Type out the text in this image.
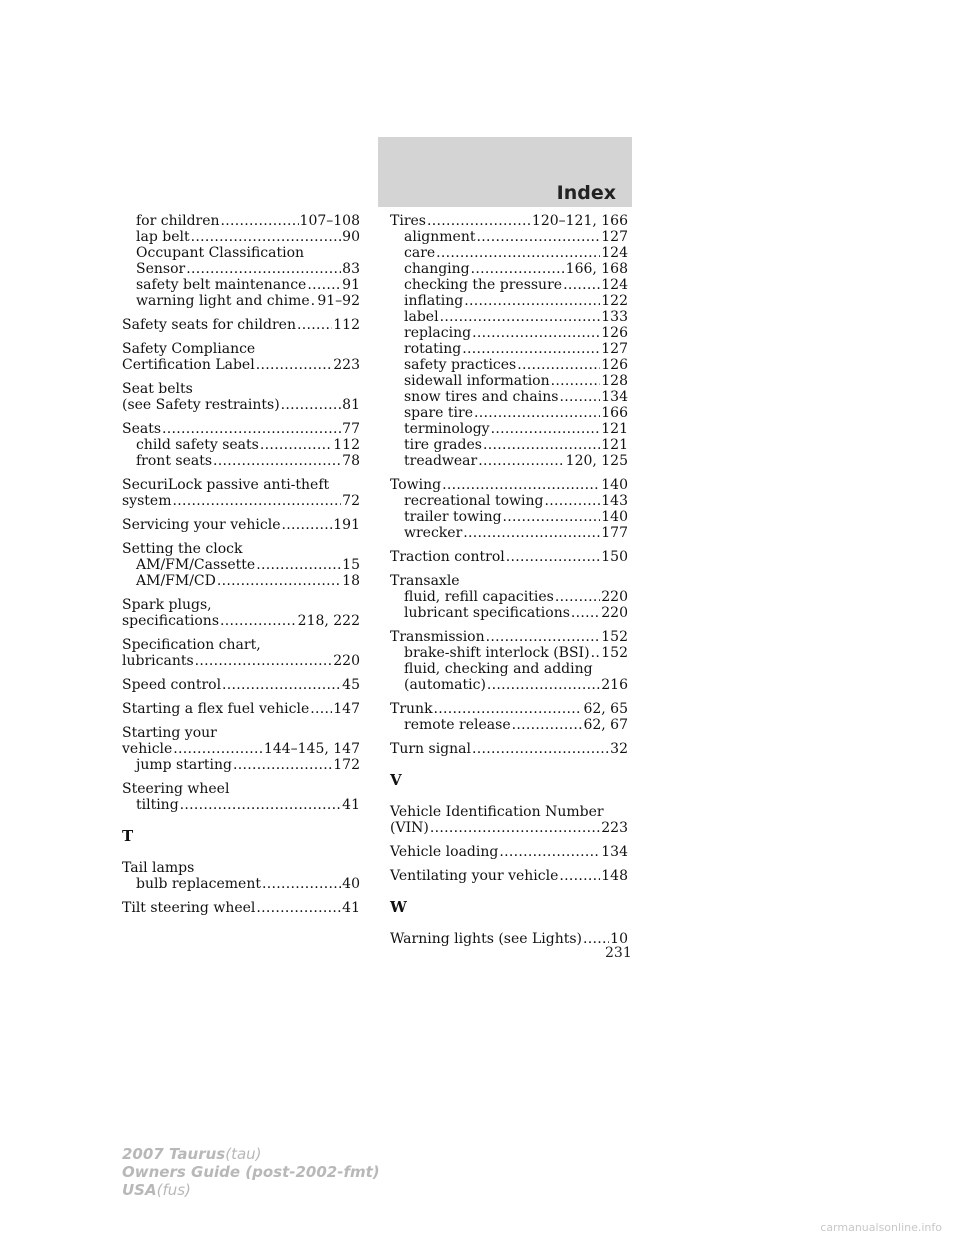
Index
for children .....	107–108
lap belt .....	90
Occupant Classification
Sensor .....	83
safety belt maintenance .....	91
warning light and chime ..... 91–92
Safety seats for children .....	112
Safety Compliance
Certification Label .....	223
Seat belts
(see Safety restraints) .....	81
Seats .....	77
child safety seats .....	112
front seats .....	78
SecuriLock passive anti-theft
system .....	72
Servicing your vehicle .....	191
Setting the clock
AM/FM/Cassette .....	15
AM/FM/CD .....	18
Spark plugs,
specifications .....	218, 222
Specification chart,
lubricants .....	220
Speed control .....	45
Starting a flex fuel vehicle ..... 147
Starting your
vehicle .....	144–145, 147
jump starting .....	172
Steering wheel
tilting .....	41
T
Tail lamps
bulb replacement .....	40
Tilt steering wheel .....	41
Tires .....	120–121, 166
alignment .....	127
care .....	124
changing .....	166, 168
checking the pressure .....	124
inflating .....	122
label .....	133
replacing .....	126
rotating .....	127
safety practices .....	126
sidewall information .....	128
snow tires and chains .....	134
spare tire .....	166
terminology .....	121
tire grades .....	121
treadwear .....	120, 125
Towing .....	140
recreational towing .....	143
trailer towing .....	140
wrecker .....	177
Traction control .....	150
Transaxle
fluid, refill capacities .....	220
lubricant specifications ..... 220
Transmission .....	152
brake-shift interlock (BSI) ..... 152
fluid, checking and adding
(automatic) .....	216
Trunk .....	62, 65
remote release .....	62, 67
Turn signal .....	32
V
Vehicle Identification Number
(VIN) .....	223
Vehicle loading .....	134
Ventilating your vehicle .....	148
W
Warning lights (see Lights) ..... 10
231
2007 Taurus(tau)
Owners Guide (post-2002-fmt)
USA(fus)
carmanualsonline.info
